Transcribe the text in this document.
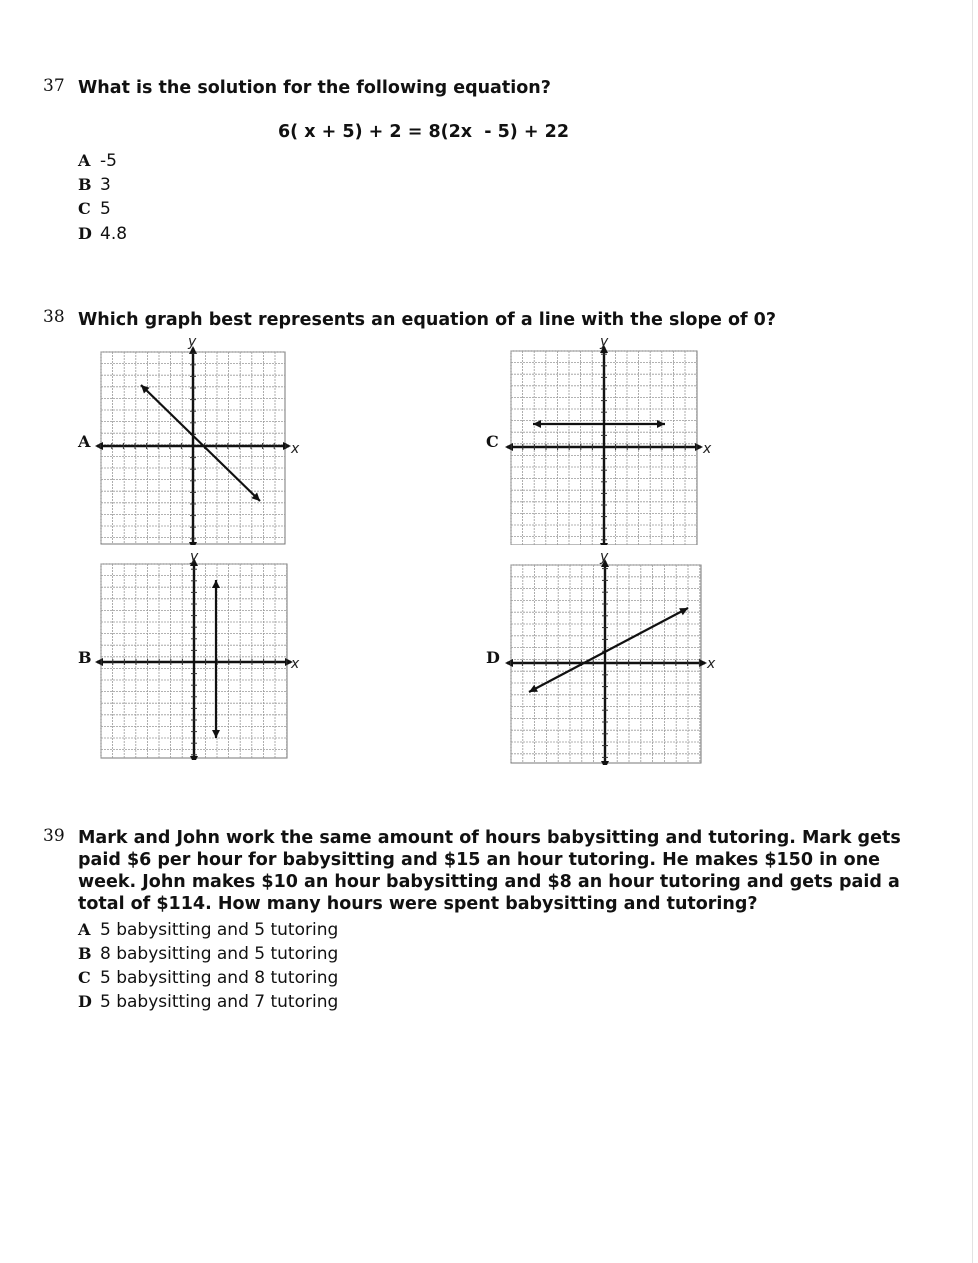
37 What is the solution for the following equation?
6( x + 5) + 2 = 8(2x  - 5) + 22
A -5
B 3
C 5
D 4.8
38 Which graph best represents an equation of a line with the slope of 0?
A
B
C
D
y
x
y
x
y
x
y
x
39 Mark and John work the same amount of hours babysitting and tutoring. Mark gets
paid $6 per hour for babysitting and $15 an hour tutoring. He makes $150 in one
week. John makes $10 an hour babysitting and $8 an hour tutoring and gets paid a
total of $114. How many hours were spent babysitting and tutoring?
A 5 babysitting and 5 tutoring
B 8 babysitting and 5 tutoring
C 5 babysitting and 8 tutoring
D 5 babysitting and 7 tutoring
